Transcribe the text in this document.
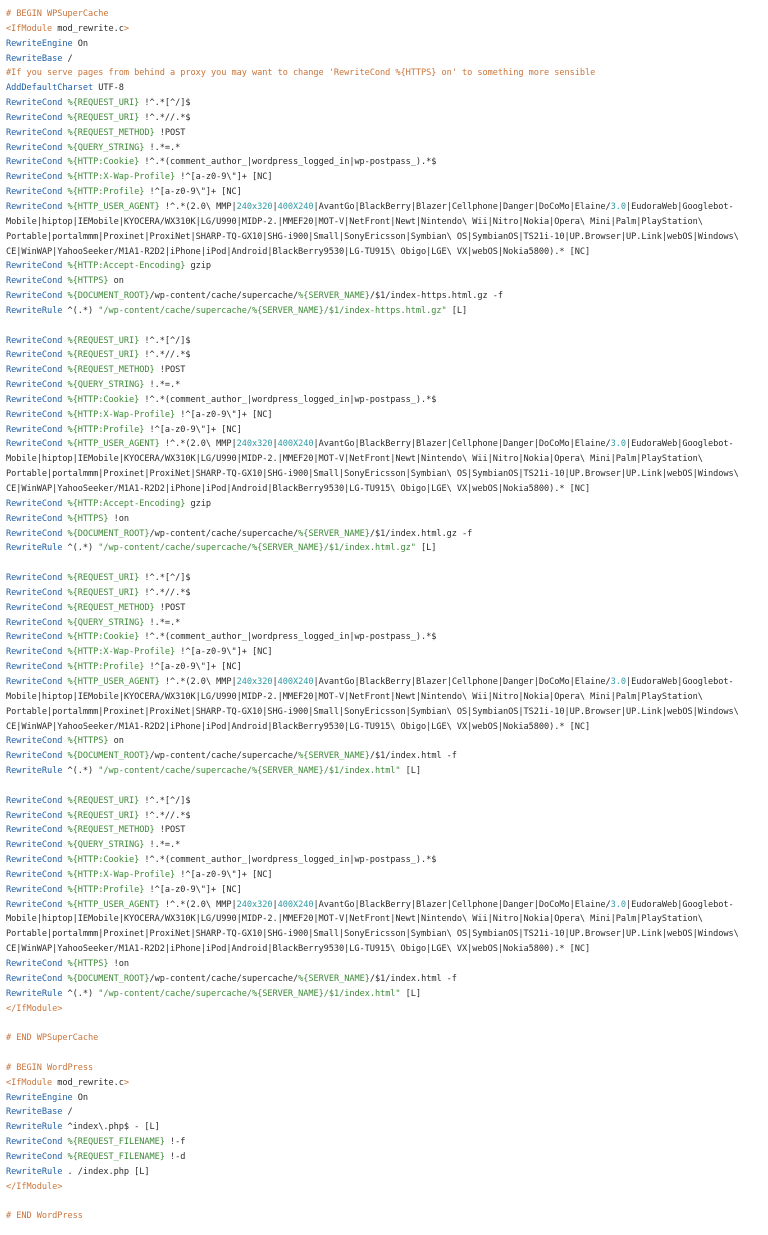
# BEGIN WPSuperCache
<IfModule mod_rewrite.c>
RewriteEngine On
RewriteBase /
#If you serve pages from behind a proxy you may want to change 'RewriteCond %{HTTPS} on' to something more sensible
AddDefaultCharset UTF-8
RewriteCond %{REQUEST_URI} !^.*[^/]$
RewriteCond %{REQUEST_URI} !^.*//.*$
RewriteCond %{REQUEST_METHOD} !POST
RewriteCond %{QUERY_STRING} !.*=.*
RewriteCond %{HTTP:Cookie} !^.*(comment_author_|wordpress_logged_in|wp-postpass_).*$
RewriteCond %{HTTP:X-Wap-Profile} !^[a-z0-9\"]+ [NC]
RewriteCond %{HTTP:Profile} !^[a-z0-9\"]+ [NC]
RewriteCond %{HTTP_USER_AGENT} !^.*(2.0\ MMP|240x320|400X240|AvantGo|BlackBerry|Blazer|Cellphone|Danger|DoCoMo|Elaine/3.0|EudoraWeb|Googlebot-
Mobile|hiptop|IEMobile|KYOCERA/WX310K|LG/U990|MIDP-2.|MMEF20|MOT-V|NetFront|Newt|Nintendo\ Wii|Nitro|Nokia|Opera\ Mini|Palm|PlayStation\
Portable|portalmmm|Proxinet|ProxiNet|SHARP-TQ-GX10|SHG-i900|Small|SonyEricsson|Symbian\ OS|SymbianOS|TS21i-10|UP.Browser|UP.Link|webOS|Windows\
CE|WinWAP|YahooSeeker/M1A1-R2D2|iPhone|iPod|Android|BlackBerry9530|LG-TU915\ Obigo|LGE\ VX|webOS|Nokia5800).* [NC]
RewriteCond %{HTTP:Accept-Encoding} gzip
RewriteCond %{HTTPS} on
RewriteCond %{DOCUMENT_ROOT}/wp-content/cache/supercache/%{SERVER_NAME}/$1/index-https.html.gz -f
RewriteRule ^(.*) "/wp-content/cache/supercache/%{SERVER_NAME}/$1/index-https.html.gz" [L]
RewriteCond %{REQUEST_URI} !^.*[^/]$
RewriteCond %{REQUEST_URI} !^.*//.*$
RewriteCond %{REQUEST_METHOD} !POST
RewriteCond %{QUERY_STRING} !.*=.*
RewriteCond %{HTTP:Cookie} !^.*(comment_author_|wordpress_logged_in|wp-postpass_).*$
RewriteCond %{HTTP:X-Wap-Profile} !^[a-z0-9\"]+ [NC]
RewriteCond %{HTTP:Profile} !^[a-z0-9\"]+ [NC]
RewriteCond %{HTTP_USER_AGENT} !^.*(2.0\ MMP|240x320|400X240|AvantGo|BlackBerry|Blazer|Cellphone|Danger|DoCoMo|Elaine/3.0|EudoraWeb|Googlebot-
Mobile|hiptop|IEMobile|KYOCERA/WX310K|LG/U990|MIDP-2.|MMEF20|MOT-V|NetFront|Newt|Nintendo\ Wii|Nitro|Nokia|Opera\ Mini|Palm|PlayStation\
Portable|portalmmm|Proxinet|ProxiNet|SHARP-TQ-GX10|SHG-i900|Small|SonyEricsson|Symbian\ OS|SymbianOS|TS21i-10|UP.Browser|UP.Link|webOS|Windows\
CE|WinWAP|YahooSeeker/M1A1-R2D2|iPhone|iPod|Android|BlackBerry9530|LG-TU915\ Obigo|LGE\ VX|webOS|Nokia5800).* [NC]
RewriteCond %{HTTP:Accept-Encoding} gzip
RewriteCond %{HTTPS} !on
RewriteCond %{DOCUMENT_ROOT}/wp-content/cache/supercache/%{SERVER_NAME}/$1/index.html.gz -f
RewriteRule ^(.*) "/wp-content/cache/supercache/%{SERVER_NAME}/$1/index.html.gz" [L]
RewriteCond %{REQUEST_URI} !^.*[^/]$
RewriteCond %{REQUEST_URI} !^.*//.*$
RewriteCond %{REQUEST_METHOD} !POST
RewriteCond %{QUERY_STRING} !.*=.*
RewriteCond %{HTTP:Cookie} !^.*(comment_author_|wordpress_logged_in|wp-postpass_).*$
RewriteCond %{HTTP:X-Wap-Profile} !^[a-z0-9\"]+ [NC]
RewriteCond %{HTTP:Profile} !^[a-z0-9\"]+ [NC]
RewriteCond %{HTTP_USER_AGENT} !^.*(2.0\ MMP|240x320|400X240|AvantGo|BlackBerry|Blazer|Cellphone|Danger|DoCoMo|Elaine/3.0|EudoraWeb|Googlebot-
Mobile|hiptop|IEMobile|KYOCERA/WX310K|LG/U990|MIDP-2.|MMEF20|MOT-V|NetFront|Newt|Nintendo\ Wii|Nitro|Nokia|Opera\ Mini|Palm|PlayStation\
Portable|portalmmm|Proxinet|ProxiNet|SHARP-TQ-GX10|SHG-i900|Small|SonyEricsson|Symbian\ OS|SymbianOS|TS21i-10|UP.Browser|UP.Link|webOS|Windows\
CE|WinWAP|YahooSeeker/M1A1-R2D2|iPhone|iPod|Android|BlackBerry9530|LG-TU915\ Obigo|LGE\ VX|webOS|Nokia5800).* [NC]
RewriteCond %{HTTPS} on
RewriteCond %{DOCUMENT_ROOT}/wp-content/cache/supercache/%{SERVER_NAME}/$1/index.html -f
RewriteRule ^(.*) "/wp-content/cache/supercache/%{SERVER_NAME}/$1/index.html" [L]
RewriteCond %{REQUEST_URI} !^.*[^/]$
RewriteCond %{REQUEST_URI} !^.*//.*$
RewriteCond %{REQUEST_METHOD} !POST
RewriteCond %{QUERY_STRING} !.*=.*
RewriteCond %{HTTP:Cookie} !^.*(comment_author_|wordpress_logged_in|wp-postpass_).*$
RewriteCond %{HTTP:X-Wap-Profile} !^[a-z0-9\"]+ [NC]
RewriteCond %{HTTP:Profile} !^[a-z0-9\"]+ [NC]
RewriteCond %{HTTP_USER_AGENT} !^.*(2.0\ MMP|240x320|400X240|AvantGo|BlackBerry|Blazer|Cellphone|Danger|DoCoMo|Elaine/3.0|EudoraWeb|Googlebot-
Mobile|hiptop|IEMobile|KYOCERA/WX310K|LG/U990|MIDP-2.|MMEF20|MOT-V|NetFront|Newt|Nintendo\ Wii|Nitro|Nokia|Opera\ Mini|Palm|PlayStation\
Portable|portalmmm|Proxinet|ProxiNet|SHARP-TQ-GX10|SHG-i900|Small|SonyEricsson|Symbian\ OS|SymbianOS|TS21i-10|UP.Browser|UP.Link|webOS|Windows\
CE|WinWAP|YahooSeeker/M1A1-R2D2|iPhone|iPod|Android|BlackBerry9530|LG-TU915\ Obigo|LGE\ VX|webOS|Nokia5800).* [NC]
RewriteCond %{HTTPS} !on
RewriteCond %{DOCUMENT_ROOT}/wp-content/cache/supercache/%{SERVER_NAME}/$1/index.html -f
RewriteRule ^(.*) "/wp-content/cache/supercache/%{SERVER_NAME}/$1/index.html" [L]
</IfModule>
# END WPSuperCache
# BEGIN WordPress
<IfModule mod_rewrite.c>
RewriteEngine On
RewriteBase /
RewriteRule ^index\.php$ - [L]
RewriteCond %{REQUEST_FILENAME} !-f
RewriteCond %{REQUEST_FILENAME} !-d
RewriteRule . /index.php [L]
</IfModule>
# END WordPress
